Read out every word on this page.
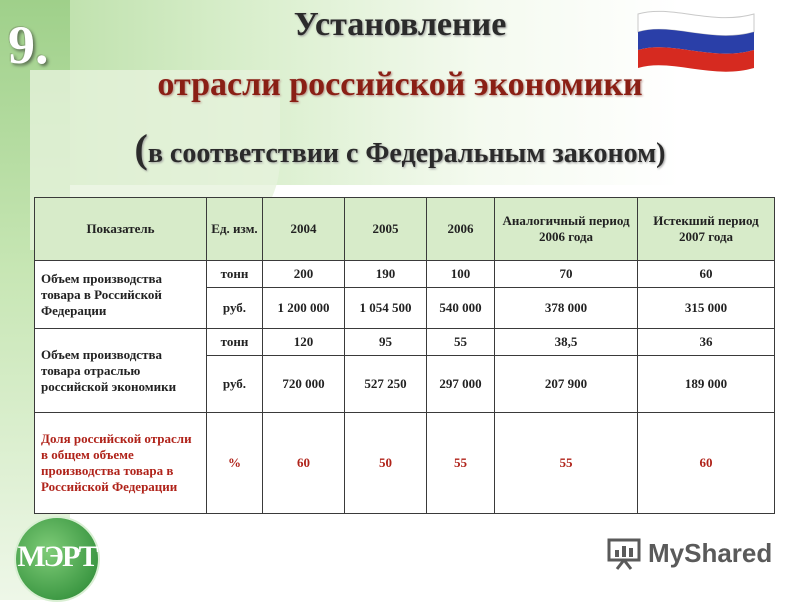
9.	Установление
отрасли российской экономики
(в соответствии с Федеральным законом)
Показатель	Ед. изм.	2004	2005	2006	Аналогичный период 2006 года	Истекший период 2007 года
Объем производства товара в Российской Федерации	тонн	200	190	100	70	60
	руб.	1 200 000	1 054 500	540 000	378 000	315 000
Объем производства товара отраслью российской экономики	тонн	120	95	55	38,5	36
	руб.	720 000	527 250	297 000	207 900	189 000
Доля российской отрасли в общем объеме производства товара в Российской Федерации	%	60	50	55	55	60
МЭРТ	MyShared
